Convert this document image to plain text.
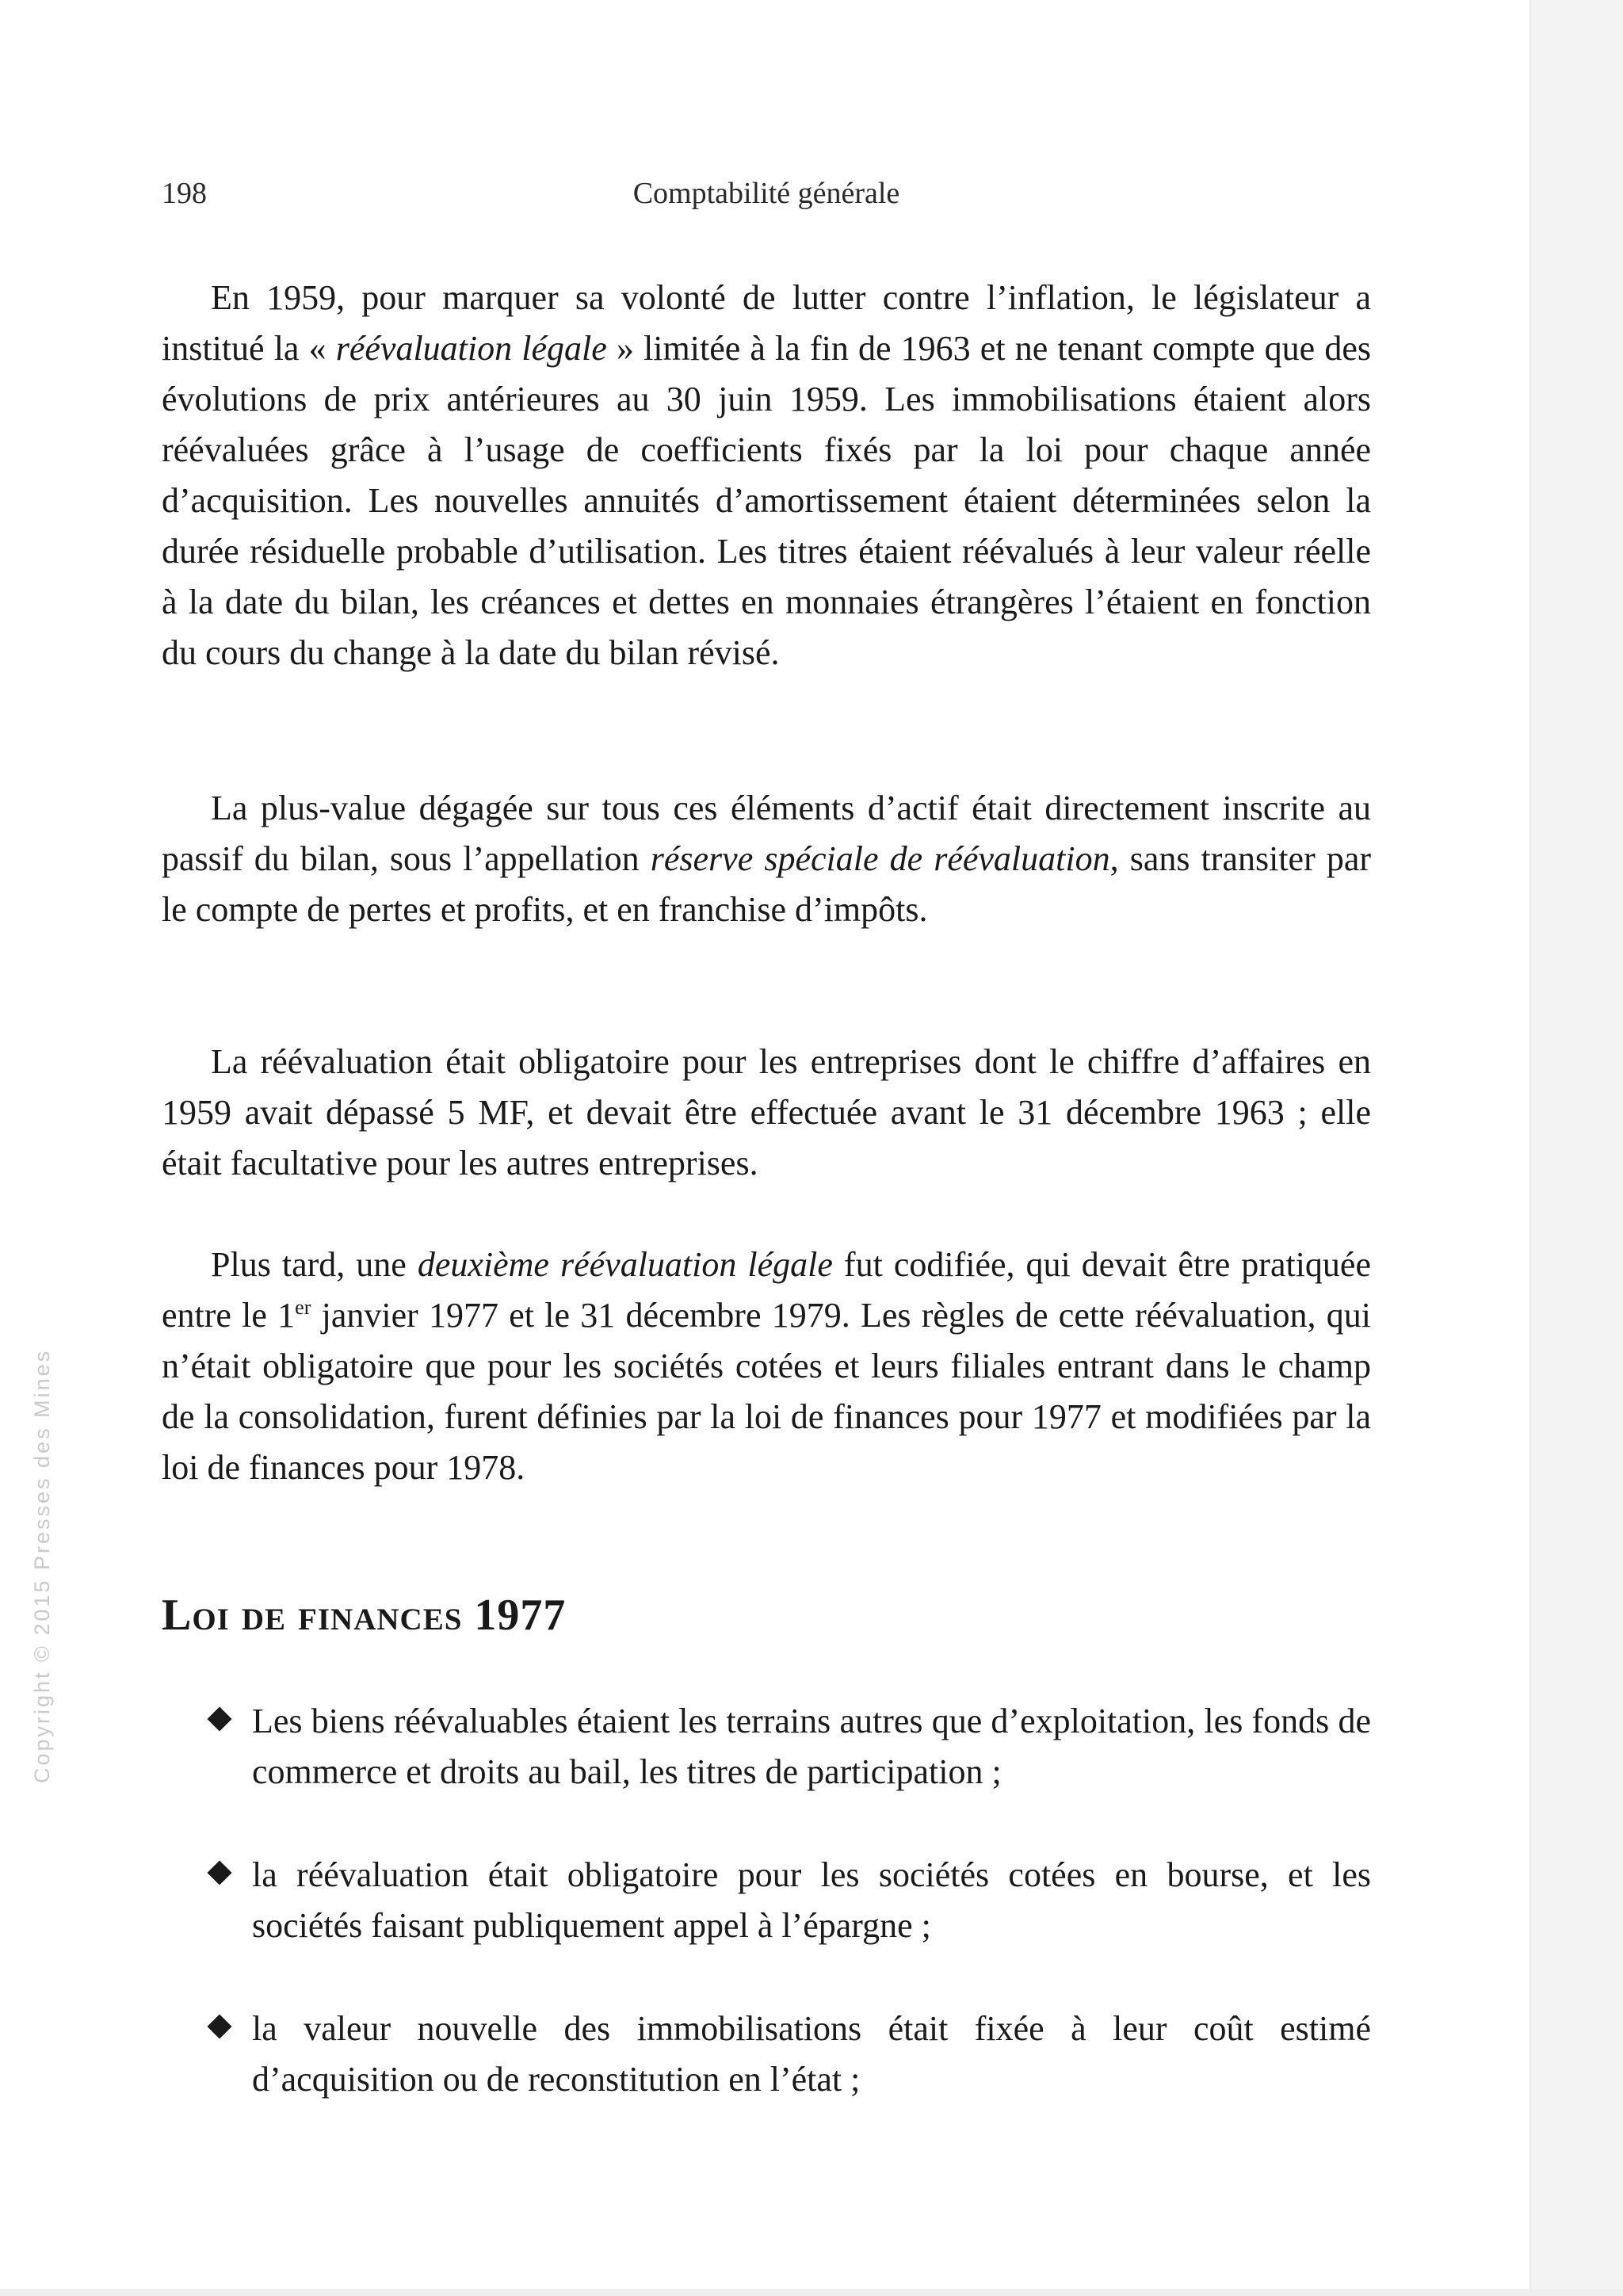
198	Comptabilité générale

En 1959, pour marquer sa volonté de lutter contre l’inflation, le législateur a institué la « réévaluation légale » limitée à la fin de 1963 et ne tenant compte que des évolutions de prix antérieures au 30 juin 1959. Les immobilisations étaient alors réévaluées grâce à l’usage de coefficients fixés par la loi pour chaque année d’acquisition. Les nouvelles annuités d’amortissement étaient déterminées selon la durée résiduelle probable d’utilisation. Les titres étaient réévalués à leur valeur réelle à la date du bilan, les créances et dettes en monnaies étrangères l’étaient en fonction du cours du change à la date du bilan révisé.

La plus-value dégagée sur tous ces éléments d’actif était directement inscrite au passif du bilan, sous l’appellation réserve spéciale de réévaluation, sans transiter par le compte de pertes et profits, et en franchise d’impôts.

La réévaluation était obligatoire pour les entreprises dont le chiffre d’affaires en 1959 avait dépassé 5 MF, et devait être effectuée avant le 31 décembre 1963 ; elle était facultative pour les autres entreprises.

Plus tard, une deuxième réévaluation légale fut codifiée, qui devait être pratiquée entre le 1er janvier 1977 et le 31 décembre 1979. Les règles de cette réévaluation, qui n’était obligatoire que pour les sociétés cotées et leurs filiales entrant dans le champ de la consolidation, furent définies par la loi de finances pour 1977 et modifiées par la loi de finances pour 1978.

Loi de finances 1977
Les biens réévaluables étaient les terrains autres que d’exploitation, les fonds de commerce et droits au bail, les titres de participation ;
la réévaluation était obligatoire pour les sociétés cotées en bourse, et les sociétés faisant publiquement appel à l’épargne ;
la valeur nouvelle des immobilisations était fixée à leur coût estimé d’acquisition ou de reconstitution en l’état ;
Copyright © 2015 Presses des Mines
